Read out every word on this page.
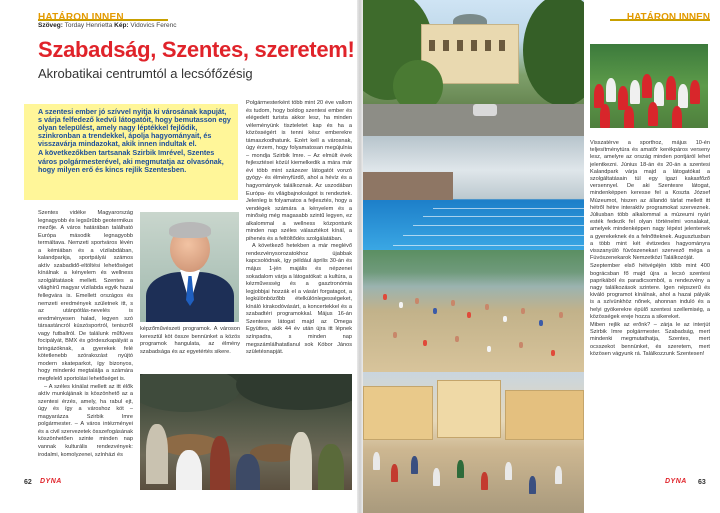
HATÁRON INNEN
Szöveg: Torday Henrietta Kép: Vidovics Ferenc
Szabadság, Szentes, szeretem!
Akrobatikai centrumtól a lecsófőzésig

A szentesi ember jó szívvel nyitja ki városának kapuját, s várja felfedező kedvű látogatóit, hogy bemutasson egy olyan települést, amely nagy léptékkel fejlődik, szinkronban a trendekkel, ápolja hagyományait, és visszavárja mindazokat, akik innen indultak el.

A következőkben tartsanak Szirbik Imrével, Szentes város polgármesterével, aki megmutatja az olvasónak, hogy milyen erő és kincs rejlik Szentesben.

Szentes vidéke Magyarország legnagyobb és legsűrűbb geotermikus mezője. A város határában található Európa második legnagyobb termáltava. Nemzeti sportváros lévén a kémiában és a vízilabdában, kalandparkja, sportpályái számos aktív szabadidő-eltöltési lehetőséget kínálnak a kényelem és wellness szolgáltatások mellett. Szentes a világhírű magyar vízilabda egyik hazai fellegvára is. Emellett országos és nemzeti eredmények születnek itt, s az utánpótlás-nevelés is eredményesen halad, legyen szó társastáncról kúszósportról, teniszről vagy futballról. De találunk műfüves focipályát, BMX és gördeszkapályát a bringázóknak, a gyerekek felé kötetlenebb szórakozást nyújtó modern skateparkot, így bizonyos, hogy mindenki megtalálja a számára megfelelő sportolási lehetőséget is.

– A széles kínálat mellett az itt élők aktív munkájának is köszönhető az a szentesi érzés, amely, ha rabul ejt, úgy és így a városhoz köt – magyarázza Szirbik Imre polgármester. – A város intézményei és a civil szervezetek összefogásának köszönhetően szinte minden nap vannak kulturális rendezvények: irodalmi, komolyzenei, színházi és

képzőművészeti programok. A városon keresztül köt össze bennünket a közös programok hangulata, az élmény szabadsága és az egyetértés sikere.

Polgármesterként több mint 20 éve vallom és tudom, hogy boldog szentesi ember és elégedett turista akkor lesz, ha minden véleményünk tiszteletet kap és ha a közösségért is tenni kész emberekre támaszkodhatunk. Ezért kell a városnak, úgy érzem, hogy folyamatosan megújulnia – mondja Szirbik Imre. – Az elmúlt évek fejlesztései közül kiemelkedik a mára már évi több mint százezer látogatót vonzó gyógy- és élményfürdő, ahol a hévíz és a hagyományok találkoznak. Az uszodában Európa- és világbajnokságot is rendeztek. Jelenleg is folyamatos a fejlesztés, hogy a vendégek számára a kényelem és a minőség még magasabb szintű legyen, ez alkalommal a wellness központunk minden nap széles választékot kínál, a pihenés és a feltöltődés szolgálatában.

A következő hetekben a már meglévő rendezvénysorozatokhoz újabbak kapcsolódnak, így például április 30-án és május 1-jén majális és népzenei sokadalom várja a látogatókat: a kultúra, a kézművesség és a gasztronómia legjobbjai hozzák el a vásári forgatagot, a legkülönbözőbb ételkülönlegességeket, kínáló kirakodóvásárt, a koncertekkel és a szabadtéri programokkal. Május 16-án Szentesre látogat majd az Omega Együttes, akik 44 év után újra itt lépnek színpadra, s minden nap megszámlálhatatlanul sok Kóbor János születésnapját.

62 DYNA
HATÁRON INNEN

Visszatérve a sporthoz, május 10-én teljesítménytúra és amatőr kerékpáros verseny lesz, amelyre az ország minden pontjáról lehet jelentkezni. Június 18-án és 20-án a szentesi Kalandpark várja majd a látogatókat a szolgáltatásain túl egy igazi kakasfőző versennyel. De aki Szentesre látogat, mindenképpen keresse fel a Koszta József Múzeumot, hiszen az állandó tárlat mellett itt hétről hétre interaktív programokat szerveznek. Júliusban több alkalommal a múzeumi nyári esték fedezik fel olyan történelmi vonalakat, amelyek mindenképpen nagy lépést jelentenek a gyerekeknek és a felnőtteknek. Augusztusban a több mint két évtizedes hagyományra visszanyúló fúvószenekari szervező méga a Fúvószenekarok Nemzetközi Találkozóját.

Szeptember első hétvégéjén több mint 400 bográcsban fő majd újra a lecsó szentesi paprikából és paradicsomból, a rendezvény a nagy találkozások szintere. Igen népszerű és kiváló programot kínálnak, ahol a hazai pályák is a szívünkhöz nőnek, ahonnan induló és a helyi gyökerekre épülő szentesi szellemiség, a közösségek ereje hozza a sikereket.

Miben rejlik az erőnk? – zárja le az interjút Szirbik Imre polgármester. Szabadság, mert mindenki megmutathatja, Szentes, mert ocsszekot bennünket, és szeretem, mert közösen vágyunk rá. Találkozzunk Szentesen!

DYNA 63
